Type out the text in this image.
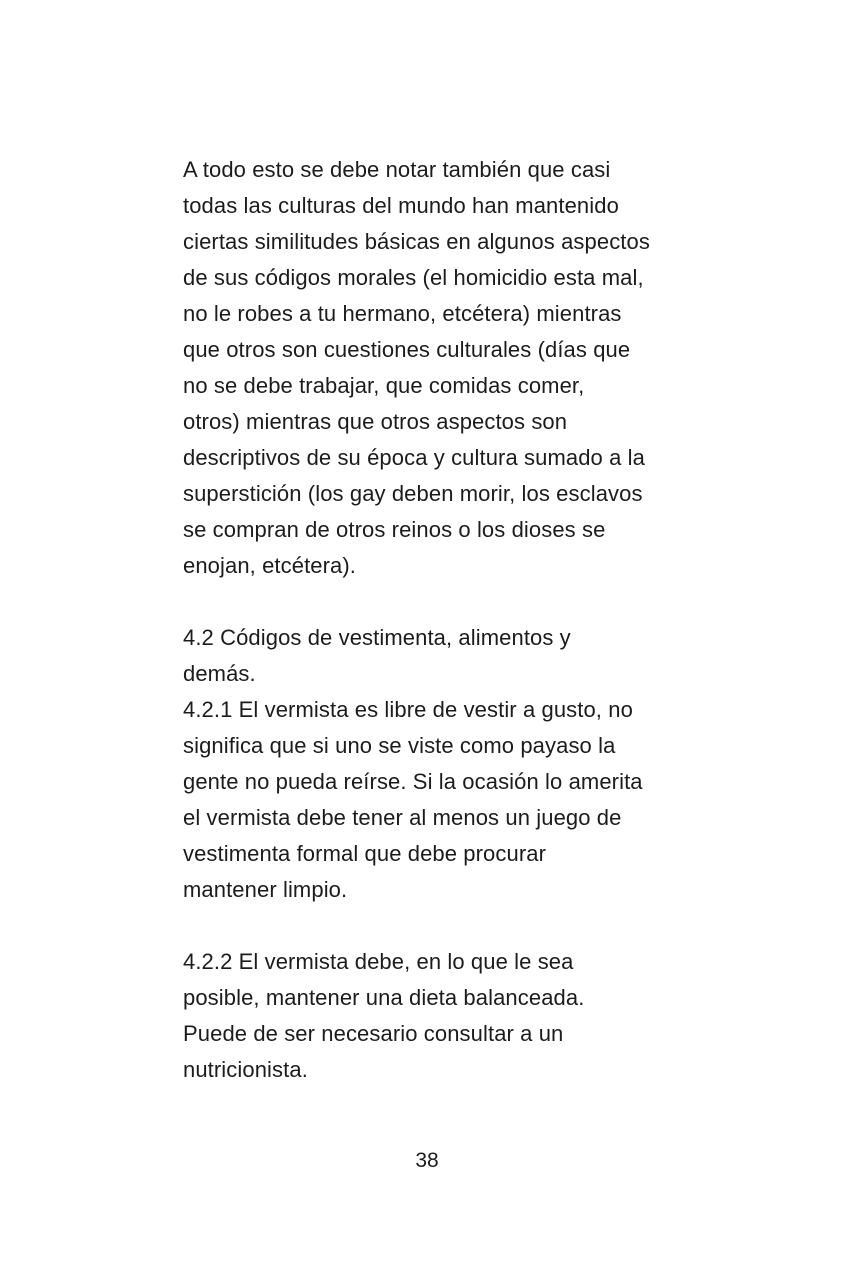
A todo esto se debe notar también que casi
todas las culturas del mundo han mantenido
ciertas similitudes básicas en algunos aspectos
de sus códigos morales (el homicidio esta mal,
no le robes a tu hermano, etcétera) mientras
que otros son cuestiones culturales (días que
no se debe trabajar, que comidas comer,
otros) mientras que otros aspectos son
descriptivos de su época y cultura sumado a la
superstición (los gay deben morir, los esclavos
se compran de otros reinos o los dioses se
enojan, etcétera).
4.2 Códigos de vestimenta, alimentos y
demás.
4.2.1 El vermista es libre de vestir a gusto, no
significa que si uno se viste como payaso la
gente no pueda reírse. Si la ocasión lo amerita
el vermista debe tener al menos un juego de
vestimenta formal que debe procurar
mantener limpio.
4.2.2 El vermista debe, en lo que le sea
posible, mantener una dieta balanceada.
Puede de ser necesario consultar a un
nutricionista.
38
